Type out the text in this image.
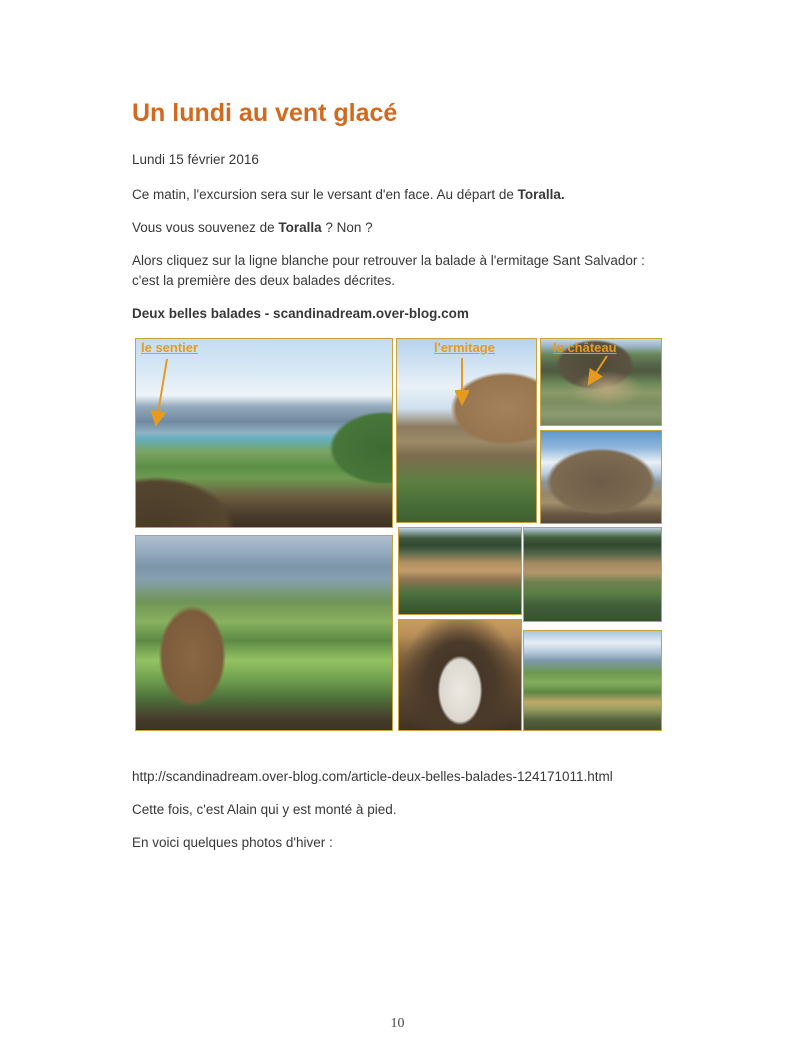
Un lundi au vent glacé

Lundi 15 février 2016

Ce matin, l'excursion sera sur le versant d'en face. Au départ de Toralla.

Vous vous souvenez de Toralla ? Non ?

Alors cliquez sur la ligne blanche pour retrouver la balade à l'ermitage Sant Salvador : c'est la première des deux balades décrites.

Deux belles balades - scandinadream.over-blog.com

le sentier	l'ermitage	le château

http://scandinadream.over-blog.com/article-deux-belles-balades-124171011.html

Cette fois, c'est Alain qui y est monté à pied.

En voici quelques photos d'hiver :

10
